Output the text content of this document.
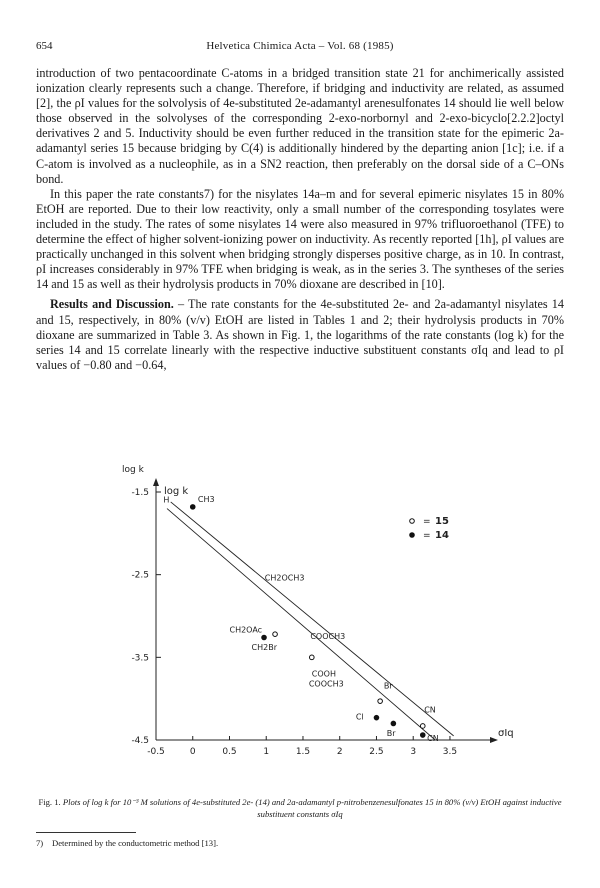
654	Helvetica Chimica Acta – Vol. 68 (1985)

introduction of two pentacoordinate C-atoms in a bridged transition state 21 for anchimerically assisted ionization clearly represents such a change. Therefore, if bridging and inductivity are related, as assumed [2], the ρI values for the solvolysis of 4e-substituted 2e-adamantyl arenesulfonates 14 should lie well below those observed in the solvolyses of the corresponding 2-exo-norbornyl and 2-exo-bicyclo[2.2.2]octyl derivatives 2 and 5. Inductivity should be even further reduced in the transition state for the epimeric 2a-adamantyl series 15 because bridging by C(4) is additionally hindered by the departing anion [1c]; i.e. if a C-atom is involved as a nucleophile, as in a SN2 reaction, then preferably on the dorsal side of a C–ONs bond.

In this paper the rate constants7) for the nisylates 14a–m and for several epimeric nisylates 15 in 80% EtOH are reported. Due to their low reactivity, only a small number of the corresponding tosylates were included in the study. The rates of some nisylates 14 were also measured in 97% trifluoroethanol (TFE) to determine the effect of higher solvent-ionizing power on inductivity. As recently reported [1h], ρI values are practically unchanged in this solvent when bridging strongly disperses positive charge, as in 10. In contrast, ρI increases considerably in 97% TFE when bridging is weak, as in the series 3. The syntheses of the series 14 and 15 as well as their hydrolysis products in 70% dioxane are described in [10].

Results and Discussion. – The rate constants for the 4e-substituted 2e- and 2a-adamantyl nisylates 14 and 15, respectively, in 80% (v/v) EtOH are listed in Tables 1 and 2; their hydrolysis products in 70% dioxane are summarized in Table 3. As shown in Fig. 1, the logarithms of the rate constants (log k) for the series 14 and 15 correlate linearly with the respective inductive substituent constants σIq and lead to ρI values of −0.80 and −0.64,

log k
log k
σIq
-1.5
-2.5
-3.5
-4.5
-0.5	0	0.5	1	1.5	2	2.5	3	3.5
H	CH3
CH2OCH3
CH2OAc
CH2Br
COOCH3
COOH
COOCH3	Br
CN
Cl
Br
CN
= 15
= 14
Fig. 1. Plots of log k for 10⁻³ M solutions of 4e-substituted 2e- (14) and 2a-adamantyl p-nitrobenzenesulfonates 15 in 80% (v/v) EtOH against inductive substituent constants σIq
7) Determined by the conductometric method [13].
